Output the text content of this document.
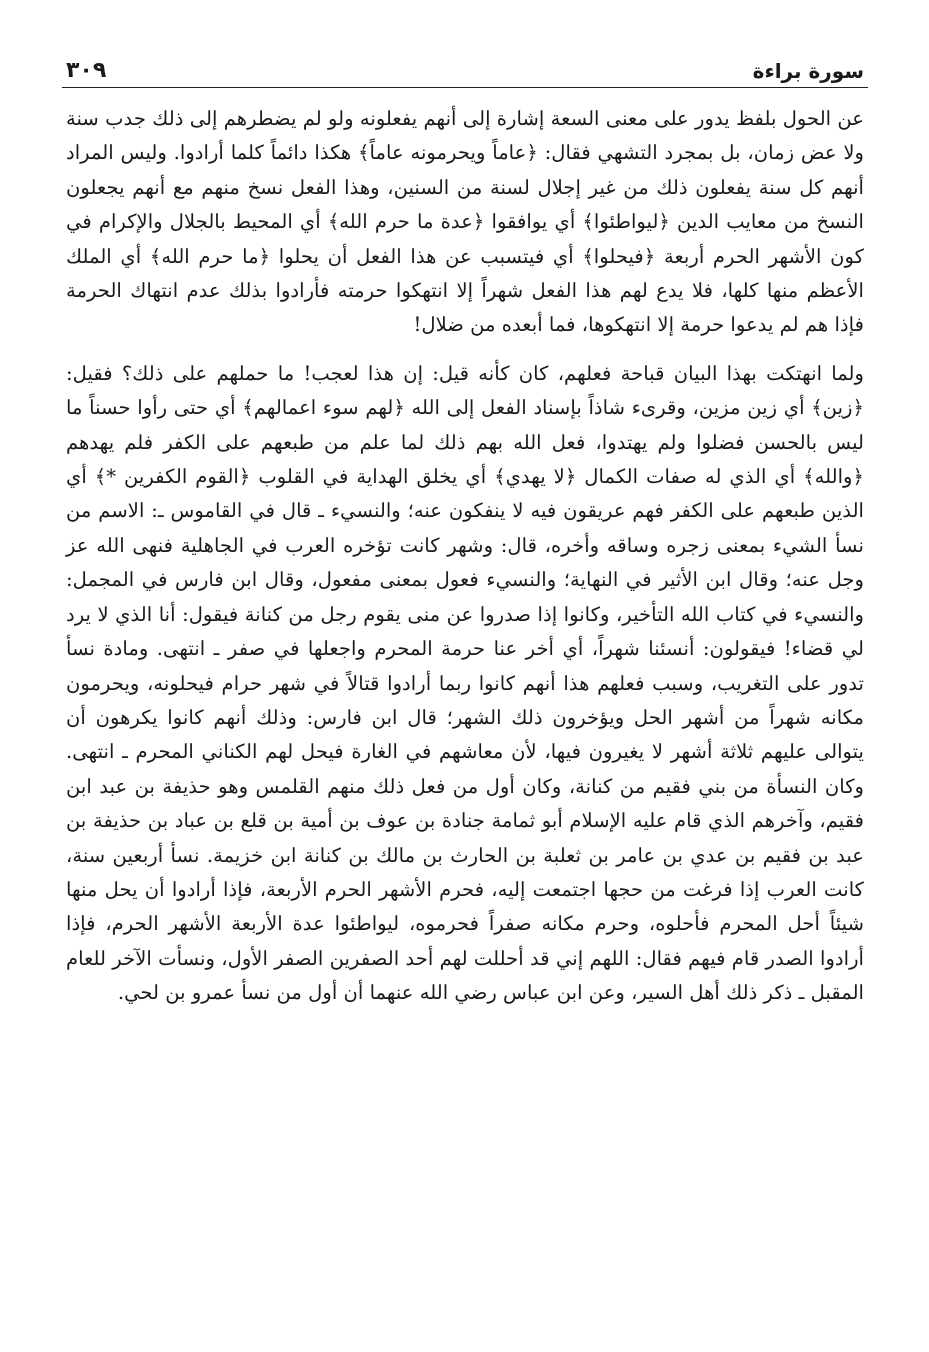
سورة براءة
٣٠٩

عن الحول بلفظ يدور على معنى السعة إشارة إلى أنهم يفعلونه ولو لم يضطرهم إلى ذلك جدب سنة ولا عض زمان، بل بمجرد التشهي فقال: ﴿عاماً ويحرمونه عاماً﴾ هكذا دائماً كلما أرادوا. وليس المراد أنهم كل سنة يفعلون ذلك من غير إجلال لسنة من السنين، وهذا الفعل نسخ منهم مع أنهم يجعلون النسخ من معايب الدين ﴿ليواطئوا﴾ أي يوافقوا ﴿عدة ما حرم الله﴾ أي المحيط بالجلال والإكرام في كون الأشهر الحرم أربعة ﴿فيحلوا﴾ أي فيتسبب عن هذا الفعل أن يحلوا ﴿ما حرم الله﴾ أي الملك الأعظم منها كلها، فلا يدع لهم هذا الفعل شهراً إلا انتهكوا حرمته فأرادوا بذلك عدم انتهاك الحرمة فإذا هم لم يدعوا حرمة إلا انتهكوها، فما أبعده من ضلال!

ولما انهتكت بهذا البيان قباحة فعلهم، كان كأنه قيل: إن هذا لعجب! ما حملهم على ذلك؟ فقيل: ﴿زين﴾ أي زين مزين، وقرىء شاذاً بإسناد الفعل إلى الله ﴿لهم سوء اعمالهم﴾ أي حتى رأوا حسناً ما ليس بالحسن فضلوا ولم يهتدوا، فعل الله بهم ذلك لما علم من طبعهم على الكفر فلم يهدهم ﴿والله﴾ أي الذي له صفات الكمال ﴿لا يهدي﴾ أي يخلق الهداية في القلوب ﴿القوم الكفرين *﴾ أي الذين طبعهم على الكفر فهم عريقون فيه لا ينفكون عنه؛ والنسيء ـ قال في القاموس ـ: الاسم من نسأ الشيء بمعنى زجره وساقه وأخره، قال: وشهر كانت تؤخره العرب في الجاهلية فنهى الله عز وجل عنه؛ وقال ابن الأثير في النهاية؛ والنسيء فعول بمعنى مفعول، وقال ابن فارس في المجمل: والنسيء في كتاب الله التأخير، وكانوا إذا صدروا عن منى يقوم رجل من كنانة فيقول: أنا الذي لا يرد لي قضاء! فيقولون: أنسئنا شهراً، أي أخر عنا حرمة المحرم واجعلها في صفر ـ انتهى. ومادة نسأ تدور على التغريب، وسبب فعلهم هذا أنهم كانوا ربما أرادوا قتالاً في شهر حرام فيحلونه، ويحرمون مكانه شهراً من أشهر الحل ويؤخرون ذلك الشهر؛ قال ابن فارس: وذلك أنهم كانوا يكرهون أن يتوالى عليهم ثلاثة أشهر لا يغيرون فيها، لأن معاشهم في الغارة فيحل لهم الكناني المحرم ـ انتهى. وكان النسأة من بني فقيم من كنانة، وكان أول من فعل ذلك منهم القلمس وهو حذيفة بن عبد ابن فقيم، وآخرهم الذي قام عليه الإسلام أبو ثمامة جنادة بن عوف بن أمية بن قلع بن عباد بن حذيفة بن عبد بن فقيم بن عدي بن عامر بن ثعلبة بن الحارث بن مالك بن كنانة ابن خزيمة. نسأ أربعين سنة، كانت العرب إذا فرغت من حجها اجتمعت إليه، فحرم الأشهر الحرم الأربعة، فإذا أرادوا أن يحل منها شيئاً أحل المحرم فأحلوه، وحرم مكانه صفراً فحرموه، ليواطئوا عدة الأربعة الأشهر الحرم، فإذا أرادوا الصدر قام فيهم فقال: اللهم إني قد أحللت لهم أحد الصفرين الصفر الأول، ونسأت الآخر للعام المقبل ـ ذكر ذلك أهل السير، وعن ابن عباس رضي الله عنهما أن أول من نسأ عمرو بن لحي.
